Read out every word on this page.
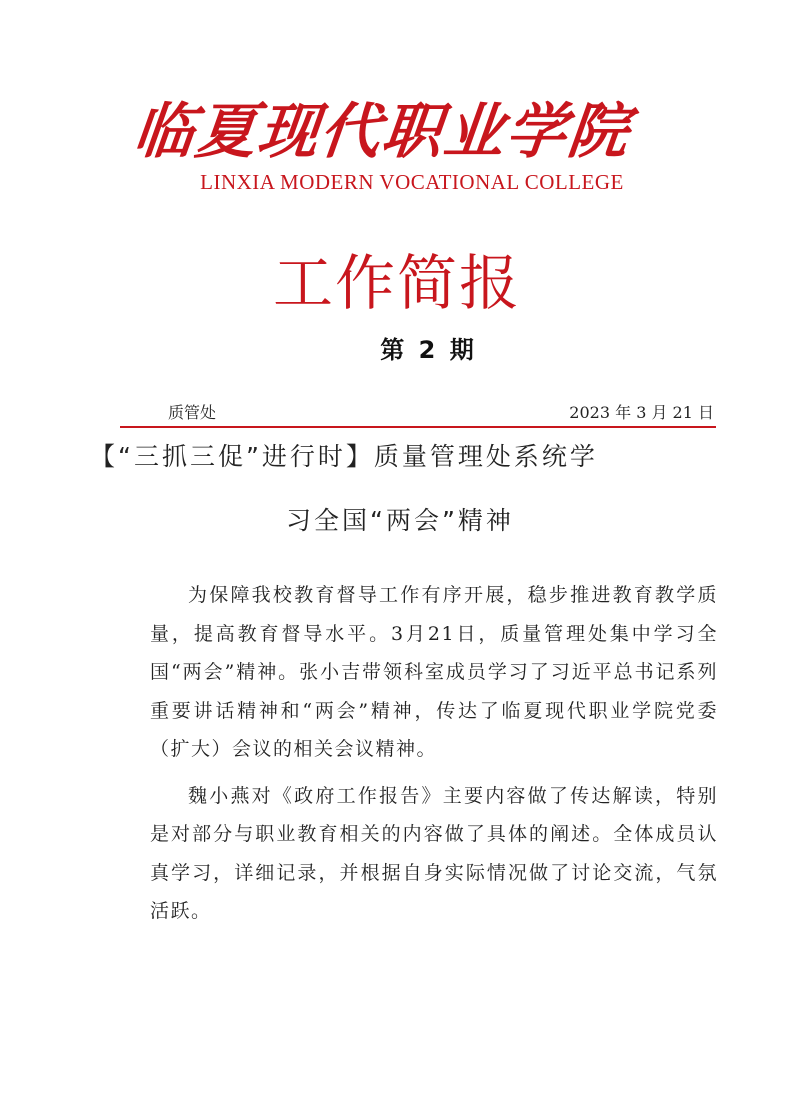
临夏现代职业学院
LINXIA MODERN VOCATIONAL COLLEGE
工作简报
第 2 期
质管处	2023 年 3 月 21 日
【“三抓三促”进行时】质量管理处系统学
习全国“两会”精神

为保障我校教育督导工作有序开展，稳步推进教育教学质量，提高教育督导水平。3月21日，质量管理处集中学习全国“两会”精神。张小吉带领科室成员学习了习近平总书记系列重要讲话精神和“两会”精神，传达了临夏现代职业学院党委（扩大）会议的相关会议精神。

魏小燕对《政府工作报告》主要内容做了传达解读，特别是对部分与职业教育相关的内容做了具体的阐述。全体成员认真学习，详细记录，并根据自身实际情况做了讨论交流，气氛活跃。
